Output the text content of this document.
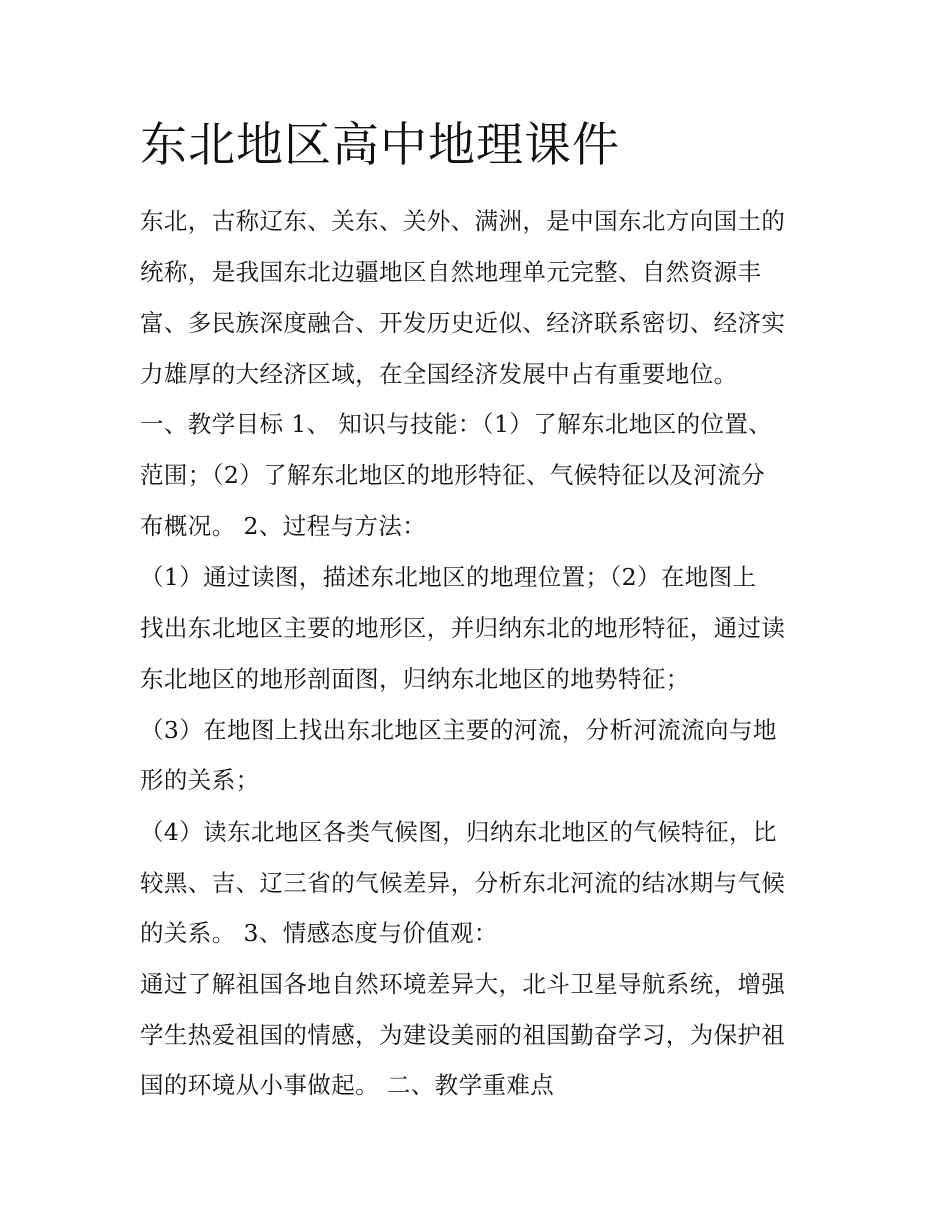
东北地区高中地理课件

东北，古称辽东、关东、关外、满洲，是中国东北方向国土的

统称，是我国东北边疆地区自然地理单元完整、自然资源丰

富、多民族深度融合、开发历史近似、经济联系密切、经济实

力雄厚的大经济区域，在全国经济发展中占有重要地位。

一、教学目标 1、 知识与技能：（1）了解东北地区的位置、

范围；（2）了解东北地区的地形特征、气候特征以及河流分

布概况。 2、过程与方法：

（1）通过读图，描述东北地区的地理位置；（2）在地图上

找出东北地区主要的地形区，并归纳东北的地形特征，通过读

东北地区的地形剖面图，归纳东北地区的地势特征；

（3）在地图上找出东北地区主要的河流，分析河流流向与地

形的关系；

（4）读东北地区各类气候图，归纳东北地区的气候特征，比

较黑、吉、辽三省的气候差异，分析东北河流的结冰期与气候

的关系。 3、情感态度与价值观：

通过了解祖国各地自然环境差异大，北斗卫星导航系统，增强

学生热爱祖国的情感，为建设美丽的祖国勤奋学习，为保护祖

国的环境从小事做起。 二、教学重难点
